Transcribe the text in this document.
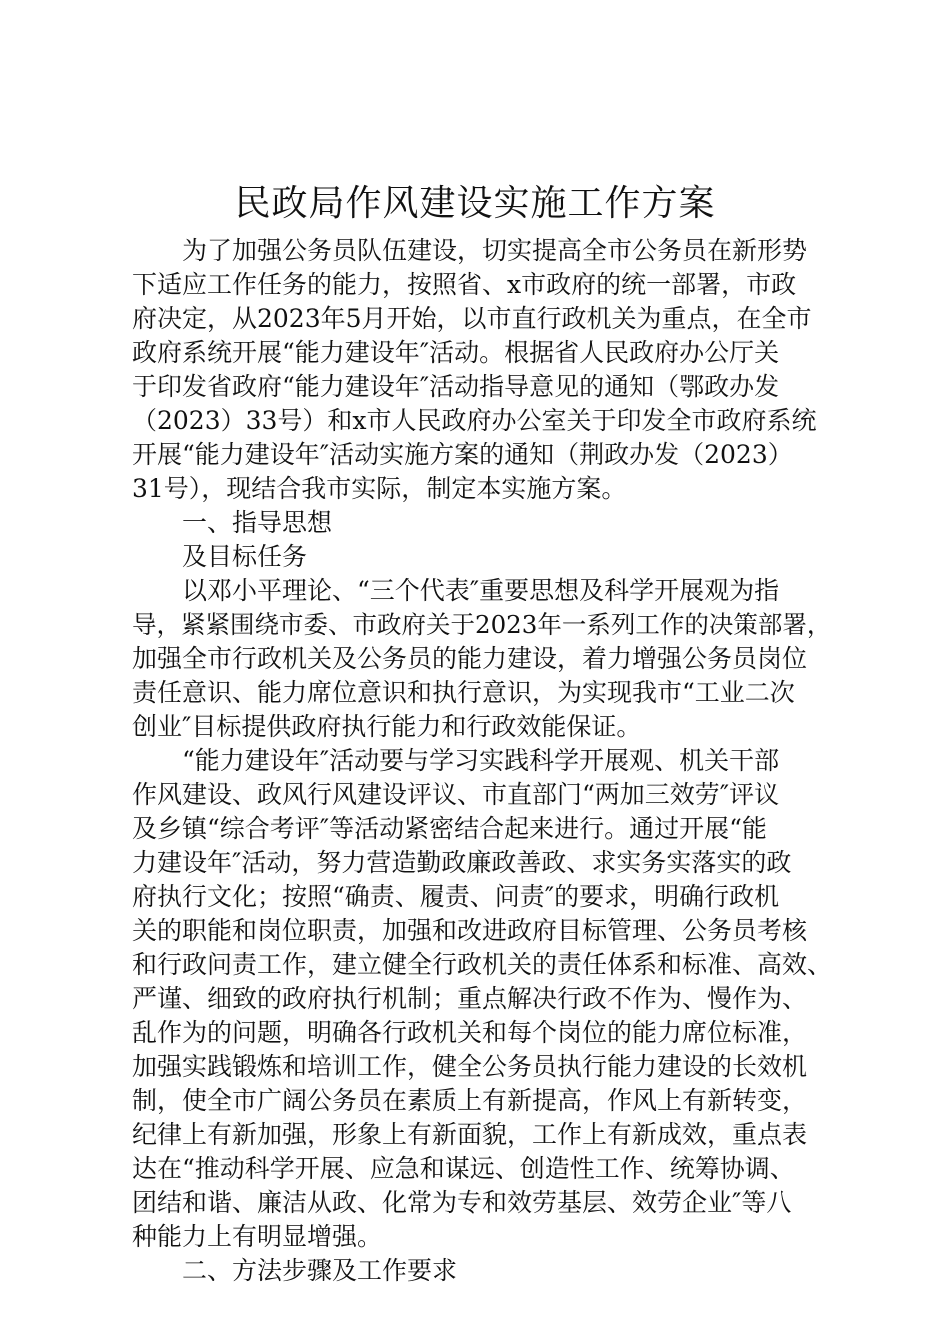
民政局作风建设实施工作方案
为了加强公务员队伍建设，切实提高全市公务员在新形势
下适应工作任务的能力，按照省、x市政府的统一部署，市政
府决定，从2023年5月开始，以市直行政机关为重点，在全市
政府系统开展“能力建设年″活动。根据省人民政府办公厅关
于印发省政府“能力建设年″活动指导意见的通知（鄂政办发
（2023）33号）和x市人民政府办公室关于印发全市政府系统
开展“能力建设年″活动实施方案的通知（荆政办发（2023）
31号），现结合我市实际，制定本实施方案。
一、指导思想
及目标任务
以邓小平理论、“三个代表″重要思想及科学开展观为指
导，紧紧围绕市委、市政府关于2023年一系列工作的决策部署，
加强全市行政机关及公务员的能力建设，着力增强公务员岗位
责任意识、能力席位意识和执行意识，为实现我市“工业二次
创业″目标提供政府执行能力和行政效能保证。
“能力建设年″活动要与学习实践科学开展观、机关干部
作风建设、政风行风建设评议、市直部门“两加三效劳″评议
及乡镇“综合考评″等活动紧密结合起来进行。通过开展“能
力建设年″活动，努力营造勤政廉政善政、求实务实落实的政
府执行文化；按照“确责、履责、问责″的要求，明确行政机
关的职能和岗位职责，加强和改进政府目标管理、公务员考核
和行政问责工作，建立健全行政机关的责任体系和标准、高效、
严谨、细致的政府执行机制；重点解决行政不作为、慢作为、
乱作为的问题，明确各行政机关和每个岗位的能力席位标准，
加强实践锻炼和培训工作，健全公务员执行能力建设的长效机
制，使全市广阔公务员在素质上有新提高，作风上有新转变，
纪律上有新加强，形象上有新面貌，工作上有新成效，重点表
达在“推动科学开展、应急和谋远、创造性工作、统筹协调、
团结和谐、廉洁从政、化常为专和效劳基层、效劳企业″等八
种能力上有明显增强。
二、方法步骤及工作要求
